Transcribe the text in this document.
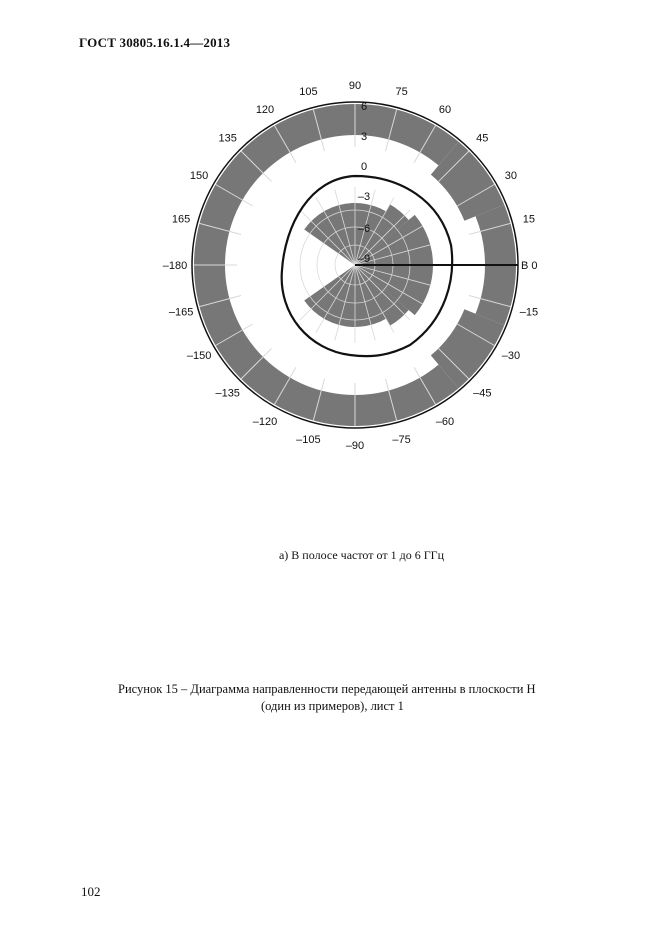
ГОСТ 30805.16.1.4—2013
90
75
60
45
30
15
–15
–30
–45
–60
–75
–90
–105
–120
–135
–150
–165
–180
165
150
135
120
105
6
3
0
–3
–6
–9
В 0
а) В полосе частот от 1 до 6 ГГц
Рисунок 15 – Диаграмма направленности передающей антенны в плоскости Н
(один из примеров), лист 1
102
